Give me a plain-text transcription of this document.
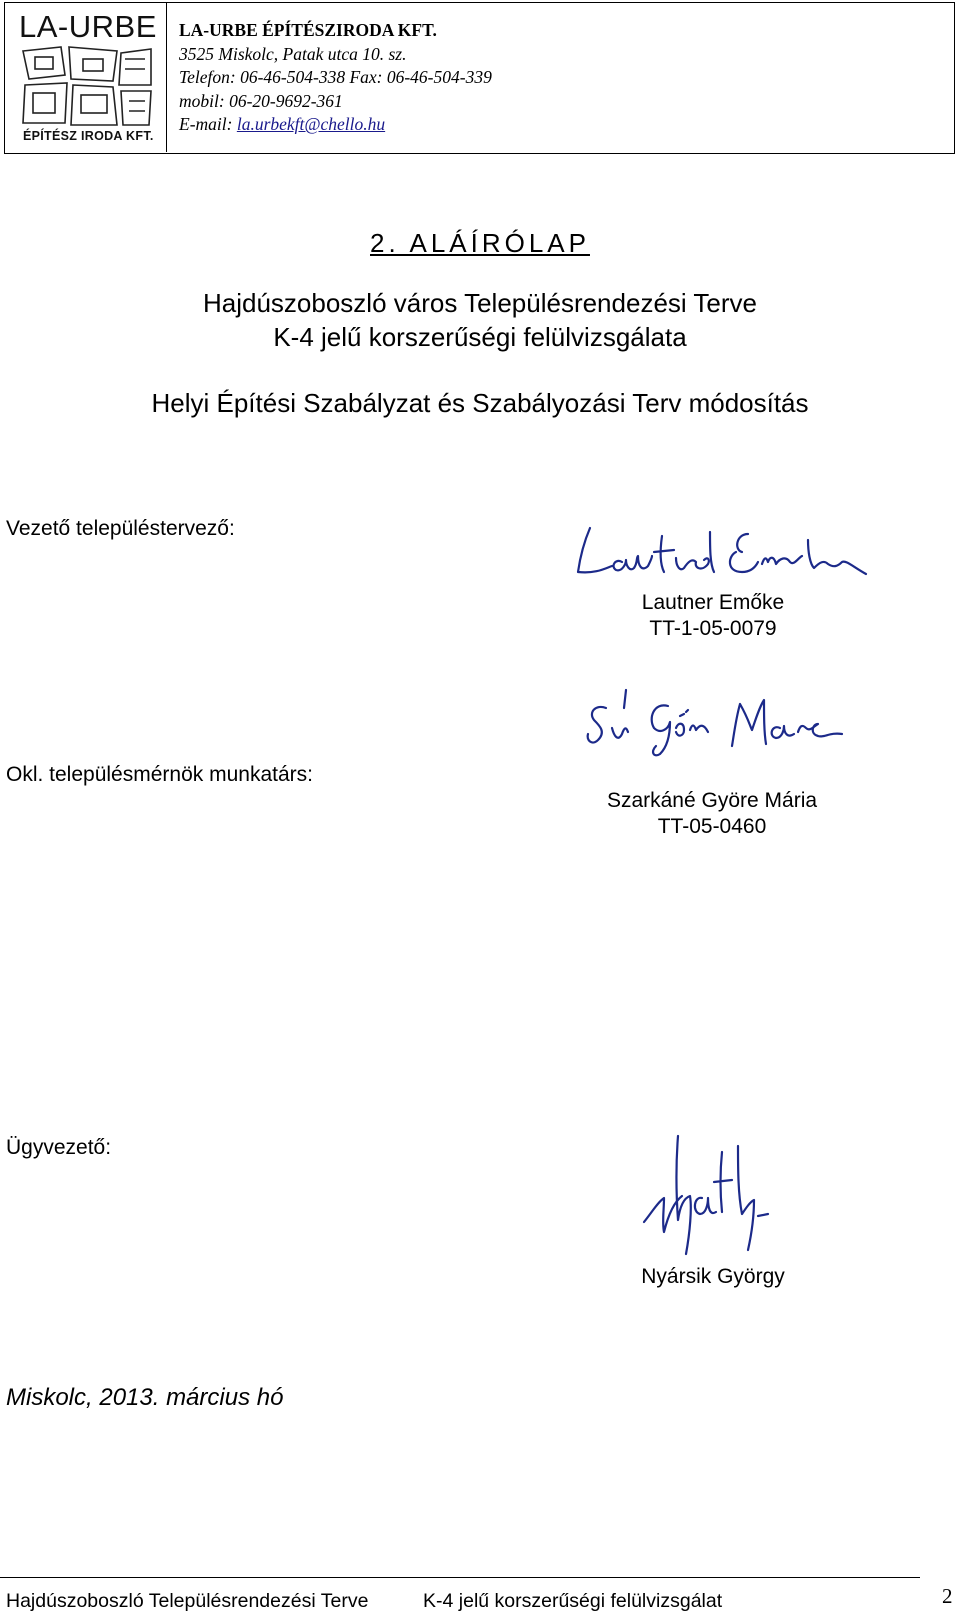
LA-URBE
ÉPÍTÉSZ IRODA KFT.
LA-URBE ÉPÍTÉSZIRODA KFT.
3525 Miskolc, Patak utca 10. sz.
Telefon: 06-46-504-338 Fax: 06-46-504-339
mobil: 06-20-9692-361
E-mail: la.urbekft@chello.hu
2. ALÁÍRÓLAP
Hajdúszoboszló város Településrendezési Terve
K-4 jelű korszerűségi felülvizsgálata
Helyi Építési Szabályzat és Szabályozási Terv módosítás
Vezető településtervező:
Lautner Emőke
TT-1-05-0079
Okl. településmérnök munkatárs:
Szarkáné Györe Mária
TT-05-0460
Ügyvezető:
Nyársik György
Miskolc, 2013. március hó
Hajdúszoboszló Településrendezési Terve	K-4 jelű korszerűségi felülvizsgálat	2
